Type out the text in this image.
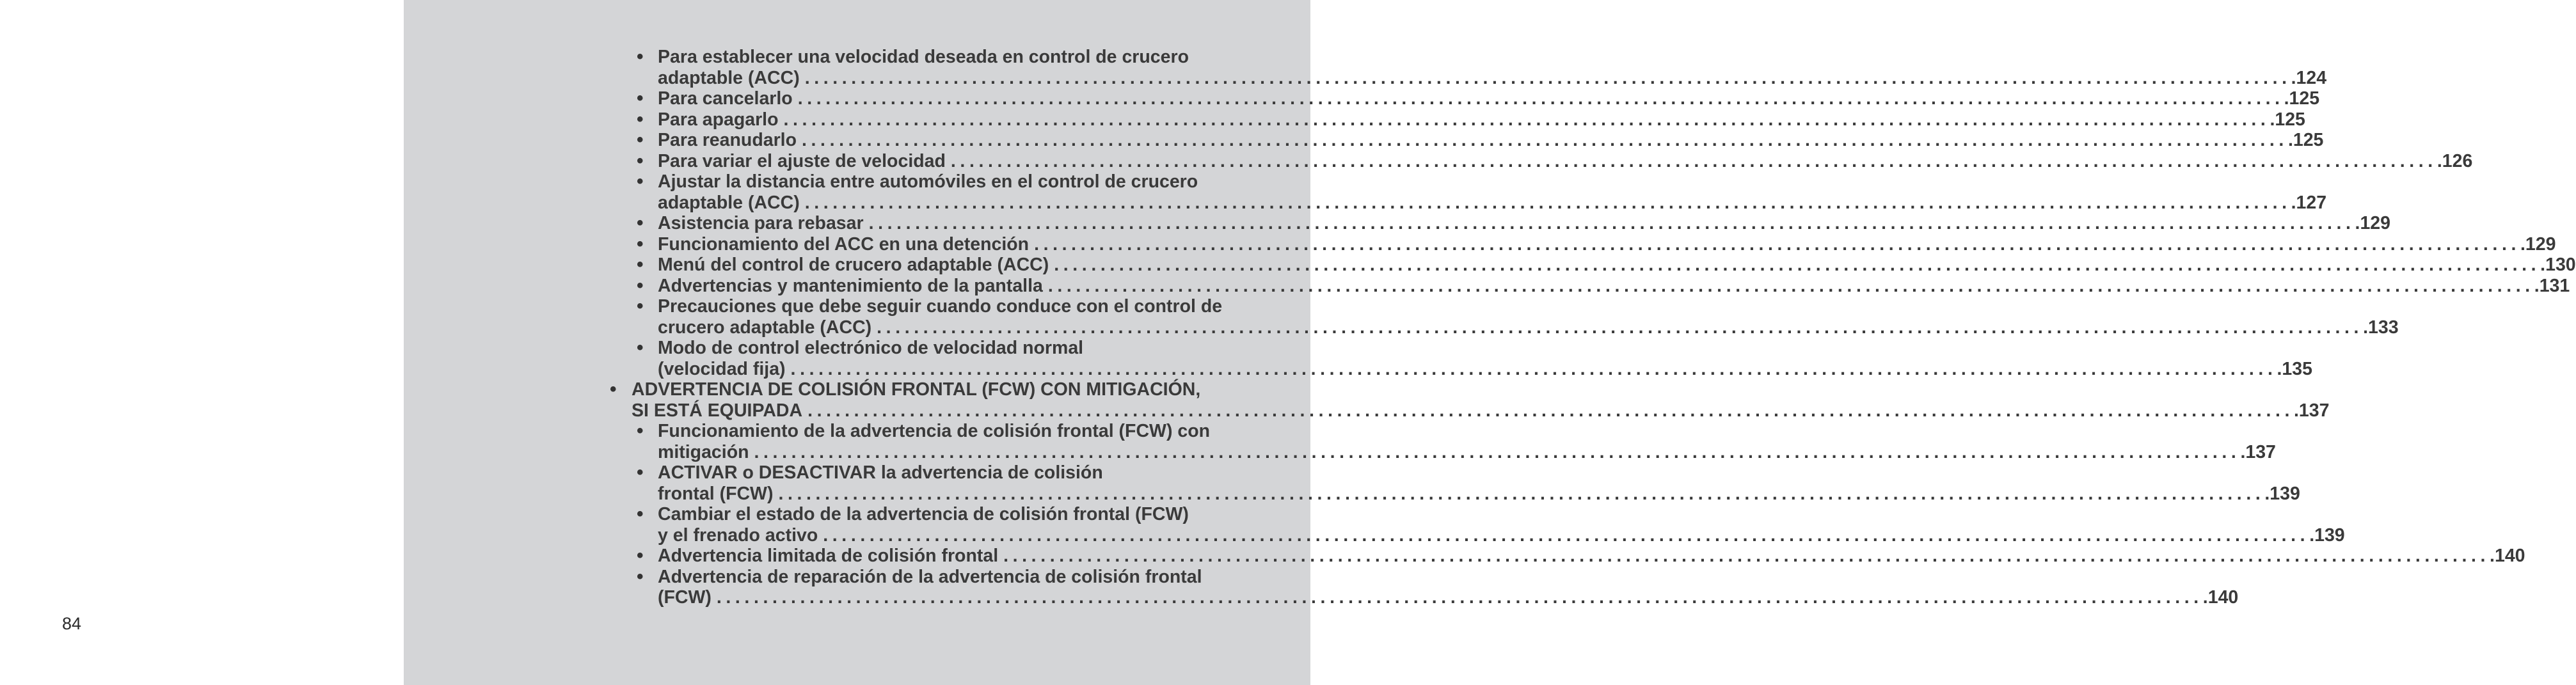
84
• Para establecer una velocidad deseada en control de crucero
adaptable (ACC) ................................................................................................................................................................ .124
• Para cancelarlo ................................................................................................................................................................ .125
• Para apagarlo ................................................................................................................................................................ .125
• Para reanudarlo ................................................................................................................................................................ .125
• Para variar el ajuste de velocidad ................................................................................................................................................................ .126
• Ajustar la distancia entre automóviles en el control de crucero
adaptable (ACC) ................................................................................................................................................................ .127
• Asistencia para rebasar ................................................................................................................................................................ .129
• Funcionamiento del ACC en una detención ................................................................................................................................................................ .129
• Menú del control de crucero adaptable (ACC) ................................................................................................................................................................ .130
• Advertencias y mantenimiento de la pantalla ................................................................................................................................................................ .131
• Precauciones que debe seguir cuando conduce con el control de
crucero adaptable (ACC) ................................................................................................................................................................ .133
• Modo de control electrónico de velocidad normal
(velocidad fija) ................................................................................................................................................................ .135
• ADVERTENCIA DE COLISIÓN FRONTAL (FCW) CON MITIGACIÓN,
SI ESTÁ EQUIPADA ................................................................................................................................................................ .137
• Funcionamiento de la advertencia de colisión frontal (FCW) con
mitigación ................................................................................................................................................................ .137
• ACTIVAR o DESACTIVAR la advertencia de colisión
frontal (FCW) ................................................................................................................................................................ .139
• Cambiar el estado de la advertencia de colisión frontal (FCW)
y el frenado activo ................................................................................................................................................................ .139
• Advertencia limitada de colisión frontal ................................................................................................................................................................ .140
• Advertencia de reparación de la advertencia de colisión frontal
(FCW) ................................................................................................................................................................ .140
